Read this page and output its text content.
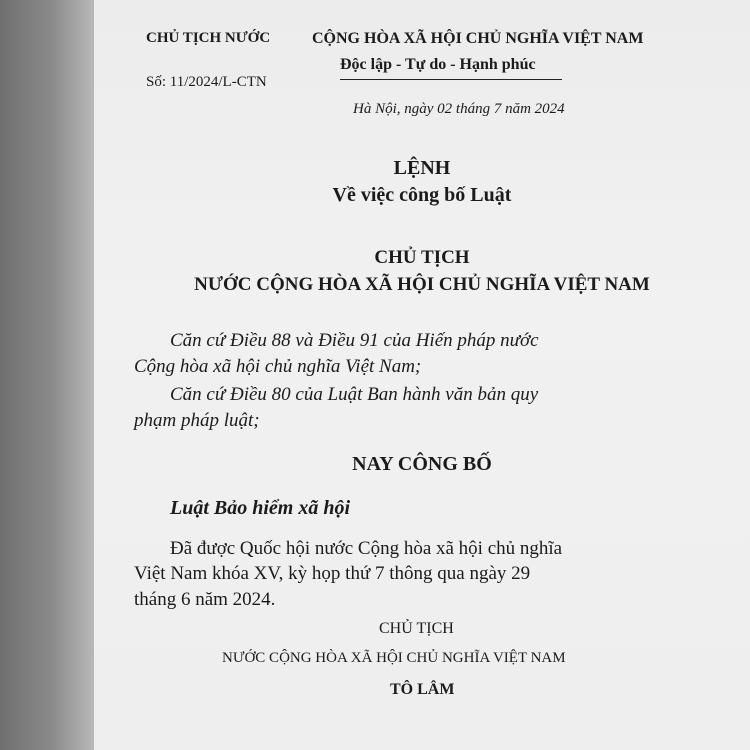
CHỦ TỊCH NƯỚC
Số: 11/2024/L-CTN
CỘNG HÒA XÃ HỘI CHỦ NGHĨA VIỆT NAM
Độc lập - Tự do - Hạnh phúc
Hà Nội, ngày 02 tháng 7 năm 2024
LỆNH
Về việc công bố Luật
CHỦ TỊCH
NƯỚC CỘNG HÒA XÃ HỘI CHỦ NGHĨA VIỆT NAM
Căn cứ Điều 88 và Điều 91 của Hiến pháp nước
Cộng hòa xã hội chủ nghĩa Việt Nam;
Căn cứ Điều 80 của Luật Ban hành văn bản quy
phạm pháp luật;
NAY CÔNG BỐ
Luật Bảo hiểm xã hội
Đã được Quốc hội nước Cộng hòa xã hội chủ nghĩa
Việt Nam khóa XV, kỳ họp thứ 7 thông qua ngày 29
tháng 6 năm 2024.
CHỦ TỊCH
NƯỚC CỘNG HÒA XÃ HỘI CHỦ NGHĨA VIỆT NAM
TÔ LÂM
